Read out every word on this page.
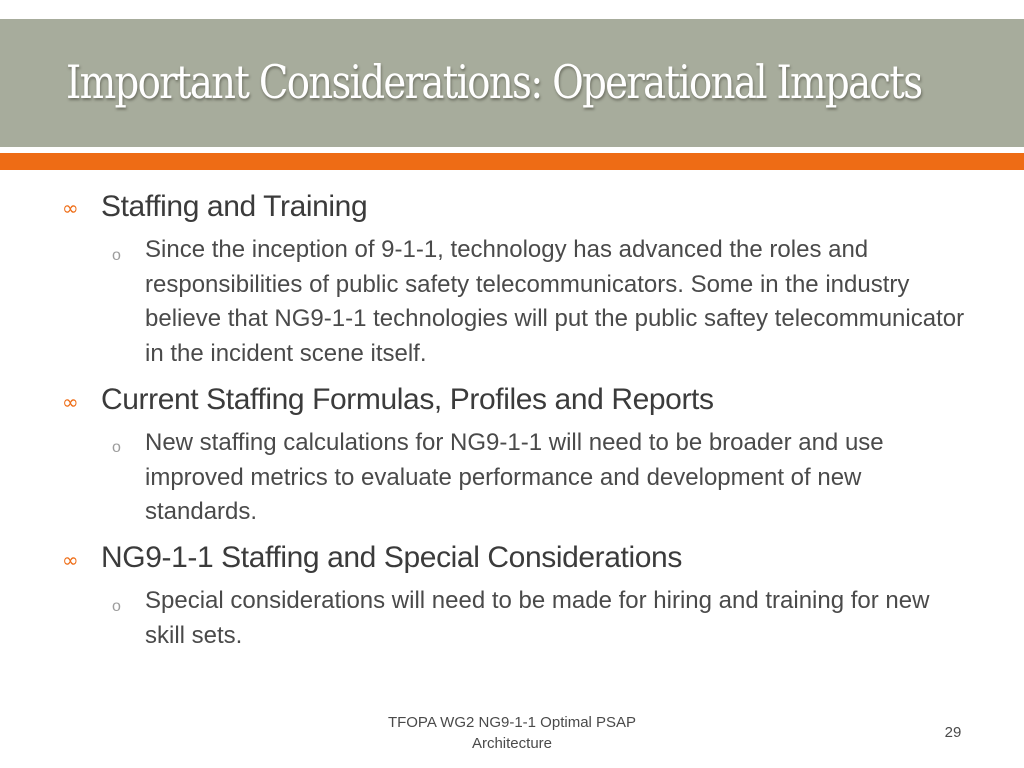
Important Considerations: Operational Impacts
∞ Staffing and Training
o Since the inception of 9-1-1, technology has advanced the roles and responsibilities of public safety telecommunicators. Some in the industry believe that NG9-1-1 technologies will put the public saftey telecommunicator in the incident scene itself.
∞ Current Staffing Formulas, Profiles and Reports
o New staffing calculations for NG9-1-1 will need to be broader and use improved metrics to evaluate performance and development of new standards.
∞ NG9-1-1 Staffing and Special Considerations
o Special considerations will need to be made for hiring and training for new skill sets.
TFOPA WG2 NG9-1-1 Optimal PSAP Architecture
29
